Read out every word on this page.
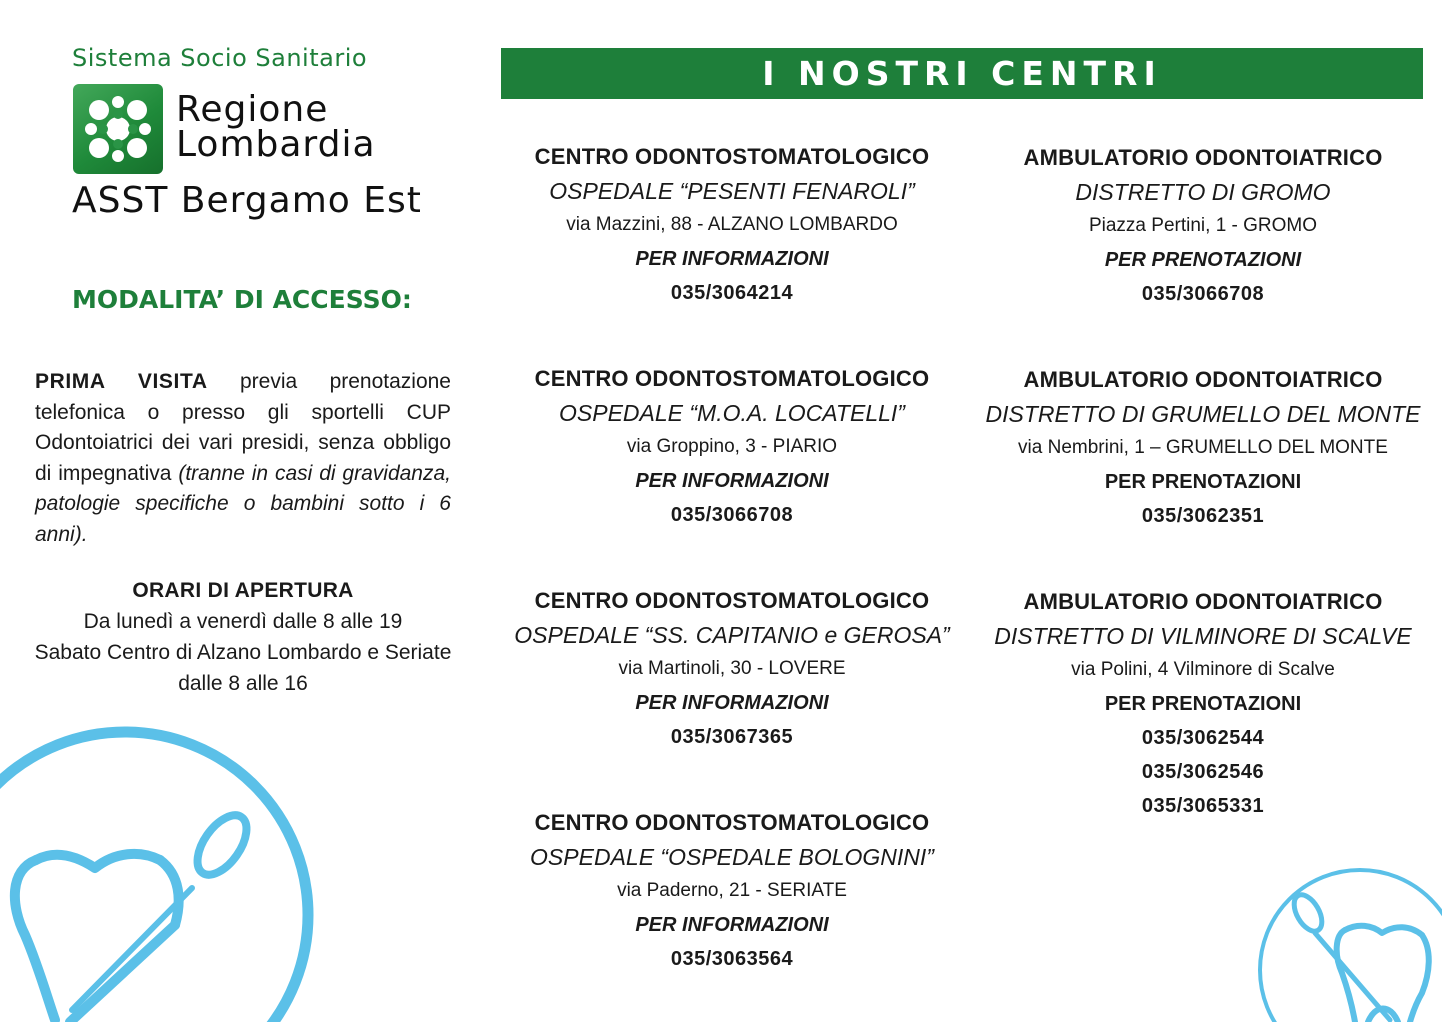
Sistema Socio Sanitario
Regione
Lombardia
ASST Bergamo Est
MODALITA’ DI ACCESSO:
PRIMA VISITA previa prenotazione telefonica o presso gli sportelli CUP Odontoiatrici dei vari presidi, senza obbligo di impegnativa (tranne in casi di gravidanza, patologie specifiche o bambini sotto i 6 anni).
ORARI DI APERTURA
Da lunedì a venerdì dalle 8 alle 19
Sabato Centro di Alzano Lombardo e Seriate
dalle 8 alle 16
I NOSTRI CENTRI
CENTRO ODONTOSTOMATOLOGICO
OSPEDALE “PESENTI FENAROLI”
via Mazzini, 88 - ALZANO LOMBARDO
PER INFORMAZIONI
035/3064214
CENTRO ODONTOSTOMATOLOGICO
OSPEDALE “M.O.A. LOCATELLI”
via Groppino, 3 - PIARIO
PER INFORMAZIONI
035/3066708
CENTRO ODONTOSTOMATOLOGICO
OSPEDALE “SS. CAPITANIO e GEROSA”
via Martinoli, 30 - LOVERE
PER INFORMAZIONI
035/3067365
CENTRO ODONTOSTOMATOLOGICO
OSPEDALE “OSPEDALE BOLOGNINI”
via Paderno, 21 - SERIATE
PER INFORMAZIONI
035/3063564
AMBULATORIO ODONTOIATRICO
DISTRETTO DI GROMO
Piazza Pertini, 1 - GROMO
PER PRENOTAZIONI
035/3066708
AMBULATORIO ODONTOIATRICO
DISTRETTO DI GRUMELLO DEL MONTE
via Nembrini, 1 – GRUMELLO DEL MONTE
PER PRENOTAZIONI
035/3062351
AMBULATORIO ODONTOIATRICO
DISTRETTO DI VILMINORE DI SCALVE
via Polini, 4 Vilminore di Scalve
PER PRENOTAZIONI
035/3062544
035/3062546
035/3065331
